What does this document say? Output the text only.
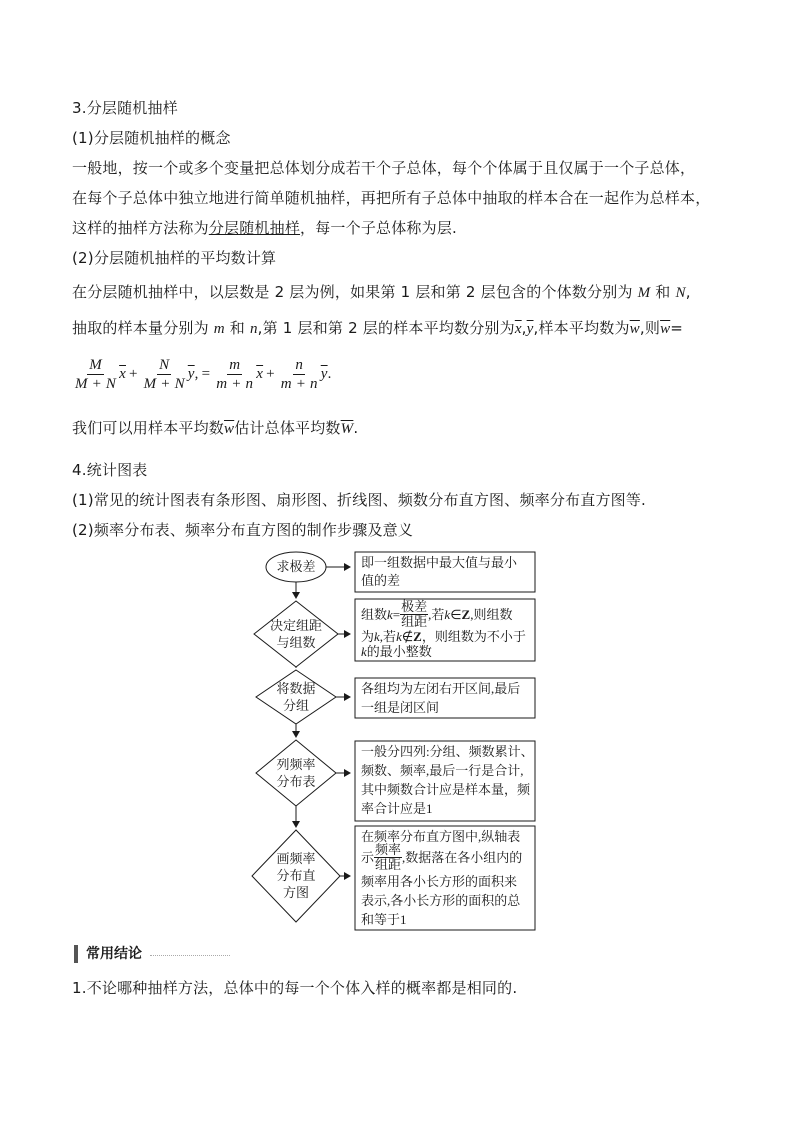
3.分层随机抽样
(1)分层随机抽样的概念
一般地，按一个或多个变量把总体划分成若干个子总体，每个个体属于且仅属于一个子总体，
在每个子总体中独立地进行简单随机抽样，再把所有子总体中抽取的样本合在一起作为总样本，
这样的抽样方法称为分层随机抽样，每一个子总体称为层.
(2)分层随机抽样的平均数计算
在分层随机抽样中，以层数是 2 层为例，如果第 1 层和第 2 层包含的个体数分别为 M 和 N,
抽取的样本量分别为 m 和 n,第 1 层和第 2 层的样本平均数分别为$\overline{x},\overline{y}$,样本平均数为$\overline{w}$,则$\overline{w}=$
$\frac{M}{M + N} \overline{x} + \frac{N}{M + N} \overline{y}$ , = $\frac{m}{m + n} \overline{x} + \frac{n}{m + n} \overline{y}$ .
我们可以用样本平均数$\overline{w}$估计总体平均数$\overline{W}$.
4.统计图表
(1)常见的统计图表有条形图、扇形图、折线图、频数分布直方图、频率分布直方图等.
(2)频率分布表、频率分布直方图的制作步骤及意义
求极差
决定组距
与组数
将数据
分组
列频率
分布表
画频率
分布直
方图
即一组数据中最大值与最小
值的差
组数 $k = \frac{\text{极差}}{\text{组距}}$ ,若 k ∈ Z ,则组数
为k,若k∉Z，则组数为不小于
k的最小整数
各组均为左闭右开区间,最后
一组是闭区间
一般分四列:分组、频数累计、
频数、频率,最后一行是合计,
其中频数合计应是样本量，频
率合计应是1
在频率分布直方图中,纵轴表
示 $\frac{\text{频率}}{\text{组距}}$ ,数据落在各小组内的
频率用各小长方形的面积来
表示,各小长方形的面积的总
和等于1
常用结论
1.不论哪种抽样方法，总体中的每一个个体入样的概率都是相同的.
